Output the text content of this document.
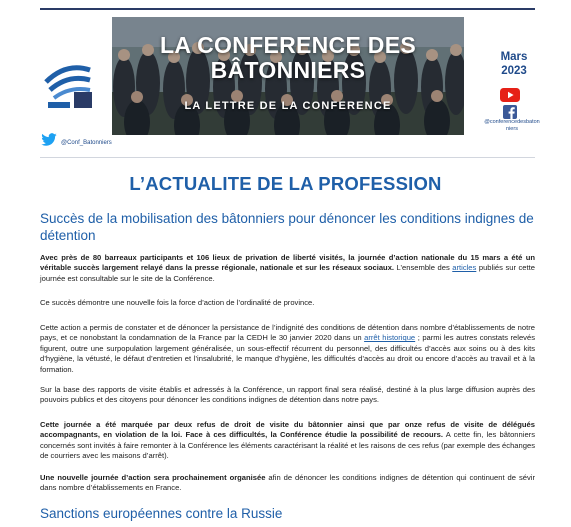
@Conf_Batonniers
LA CONFERENCE DES
BÂTONNIERS
LA LETTRE DE LA CONFERENCE
Mars
2023
@conferencedesbaton
niers
L’ACTUALITE DE LA PROFESSION
Succès de la mobilisation des bâtonniers pour dénoncer les conditions indignes de détention

Avec près de 80 barreaux participants et 106 lieux de privation de liberté visités, la journée d’action nationale du 15 mars a été un véritable succès largement relayé dans la presse régionale, nationale et sur les réseaux sociaux. L’ensemble des articles publiés sur cette journée est consultable sur le site de la Conférence.

Ce succès démontre une nouvelle fois la force d’action de l’ordinalité de province.

Cette action a permis de constater et de dénoncer la persistance de l’indignité des conditions de détention dans nombre d’établissements de notre pays, et ce nonobstant la condamnation de la France par la CEDH le 30 janvier 2020 dans un arrêt historique ; parmi les autres constats relevés figurent, outre une surpopulation largement généralisée, un sous-effectif récurrent du personnel, des difficultés d’accès aux soins ou à des kits d’hygiène, la vétusté, le défaut d’entretien et l’insalubrité, le manque d’hygiène, les difficultés d’accès au droit ou encore d’accès au travail et à la formation.

Sur la base des rapports de visite établis et adressés à la Conférence, un rapport final sera réalisé, destiné à la plus large diffusion auprès des pouvoirs publics et des citoyens pour dénoncer les conditions indignes de détention dans notre pays.

Cette journée a été marquée par deux refus de droit de visite du bâtonnier ainsi que par onze refus de visite de délégués accompagnants, en violation de la loi. Face à ces difficultés, la Conférence étudie la possibilité de recours. A cette fin, les bâtonniers concernés sont invités à faire remonter à la Conférence les éléments caractérisant la réalité et les raisons de ces refus (par exemple des échanges de courriers avec les maisons d’arrêt).

Une nouvelle journée d’action sera prochainement organisée afin de dénoncer les conditions indignes de détention qui continuent de sévir dans nombre d’établissements en France.

Sanctions européennes contre la Russie
